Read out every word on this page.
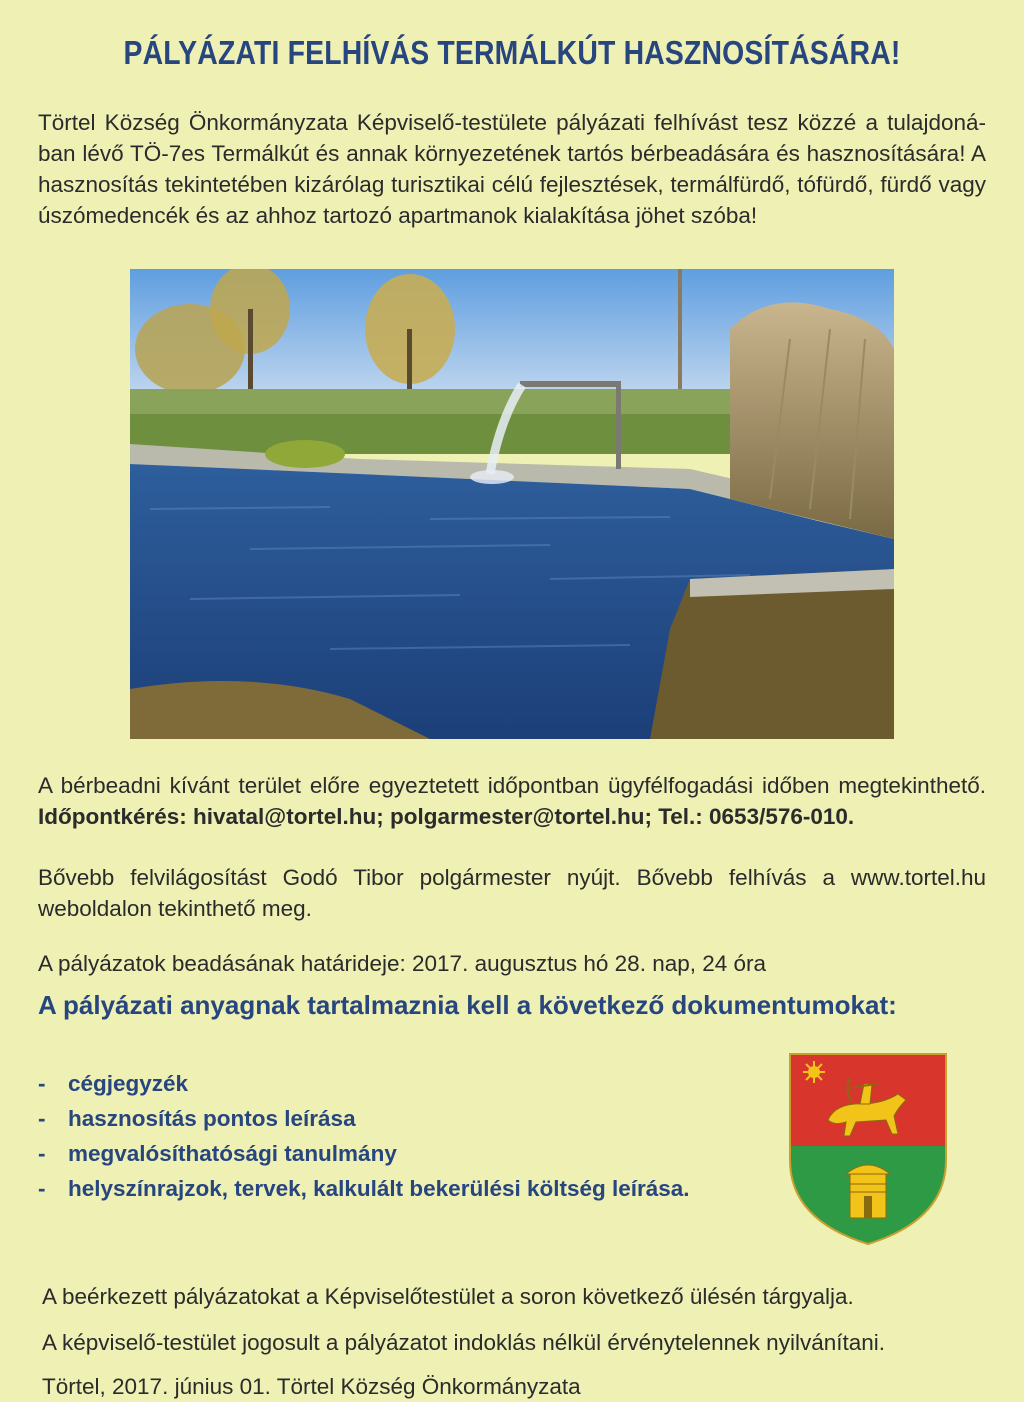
PÁLYÁZATI FELHÍVÁS TERMÁLKÚT HASZNOSÍTÁSÁRA!
Törtel Község Önkormányzata Képviselő-testülete pályázati felhívást tesz közzé a tulajdonában lévő TÖ-7es Termálkút és annak környezetének tartós bérbeadására és hasznosítására! A hasznosítás tekintetében kizárólag turisztikai célú fejlesztések, termálfürdő, tófürdő, fürdő vagy úszómedencék és az ahhoz tartozó apartmanok kialakítása jöhet szóba!
A bérbeadni kívánt terület előre egyeztetett időpontban ügyfélfogadási időben megtekinthető. Időpontkérés: hivatal@tortel.hu; polgarmester@tortel.hu; Tel.: 0653/576-010.
Bővebb felvilágosítást Godó Tibor polgármester nyújt. Bővebb felhívás a www.tortel.hu weboldalon tekinthető meg.
A pályázatok beadásának határideje: 2017. augusztus hó 28. nap, 24 óra
A pályázati anyagnak tartalmaznia kell a következő dokumentumokat:
- cégjegyzék
- hasznosítás pontos leírása
- megvalósíthatósági tanulmány
- helyszínrajzok, tervek, kalkulált bekerülési költség leírása.
A beérkezett pályázatokat a Képviselőtestület a soron következő ülésén tárgyalja.
A képviselő-testület jogosult a pályázatot indoklás nélkül érvénytelennek nyilvánítani.
Törtel, 2017. június 01. Törtel Község Önkormányzata
